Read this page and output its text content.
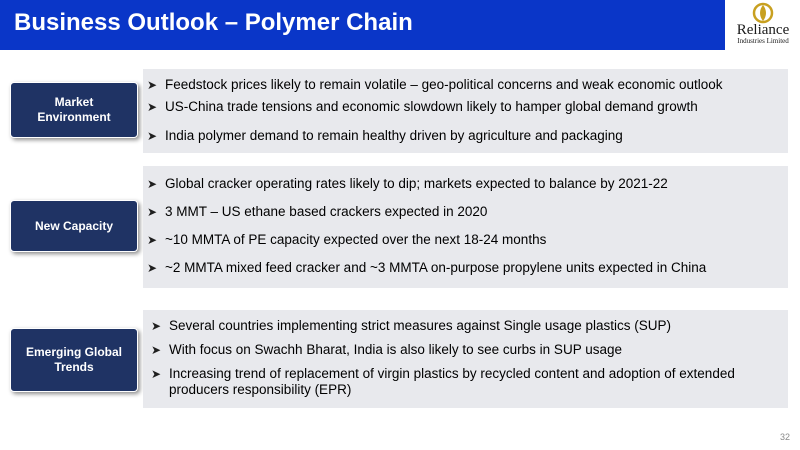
Business Outlook – Polymer Chain	Reliance
Industries Limited
Market
Environment
➤ Feedstock prices likely to remain volatile – geo-political concerns and weak economic outlook
➤ US-China trade tensions and economic slowdown likely to hamper global demand growth
➤ India polymer demand to remain healthy driven by agriculture and packaging
New Capacity
➤ Global cracker operating rates likely to dip; markets expected to balance by 2021-22
➤ 3 MMT – US ethane based crackers expected in 2020
➤ ~10 MMTA of PE capacity expected over the next 18-24 months
➤ ~2 MMTA mixed feed cracker and ~3 MMTA on-purpose propylene units expected in China
Emerging Global
Trends
➤ Several countries implementing strict measures against Single usage plastics (SUP)
➤ With focus on Swachh Bharat, India is also likely to see curbs in SUP usage
➤ Increasing trend of replacement of virgin plastics by recycled content and adoption of extended producers responsibility (EPR)
32
